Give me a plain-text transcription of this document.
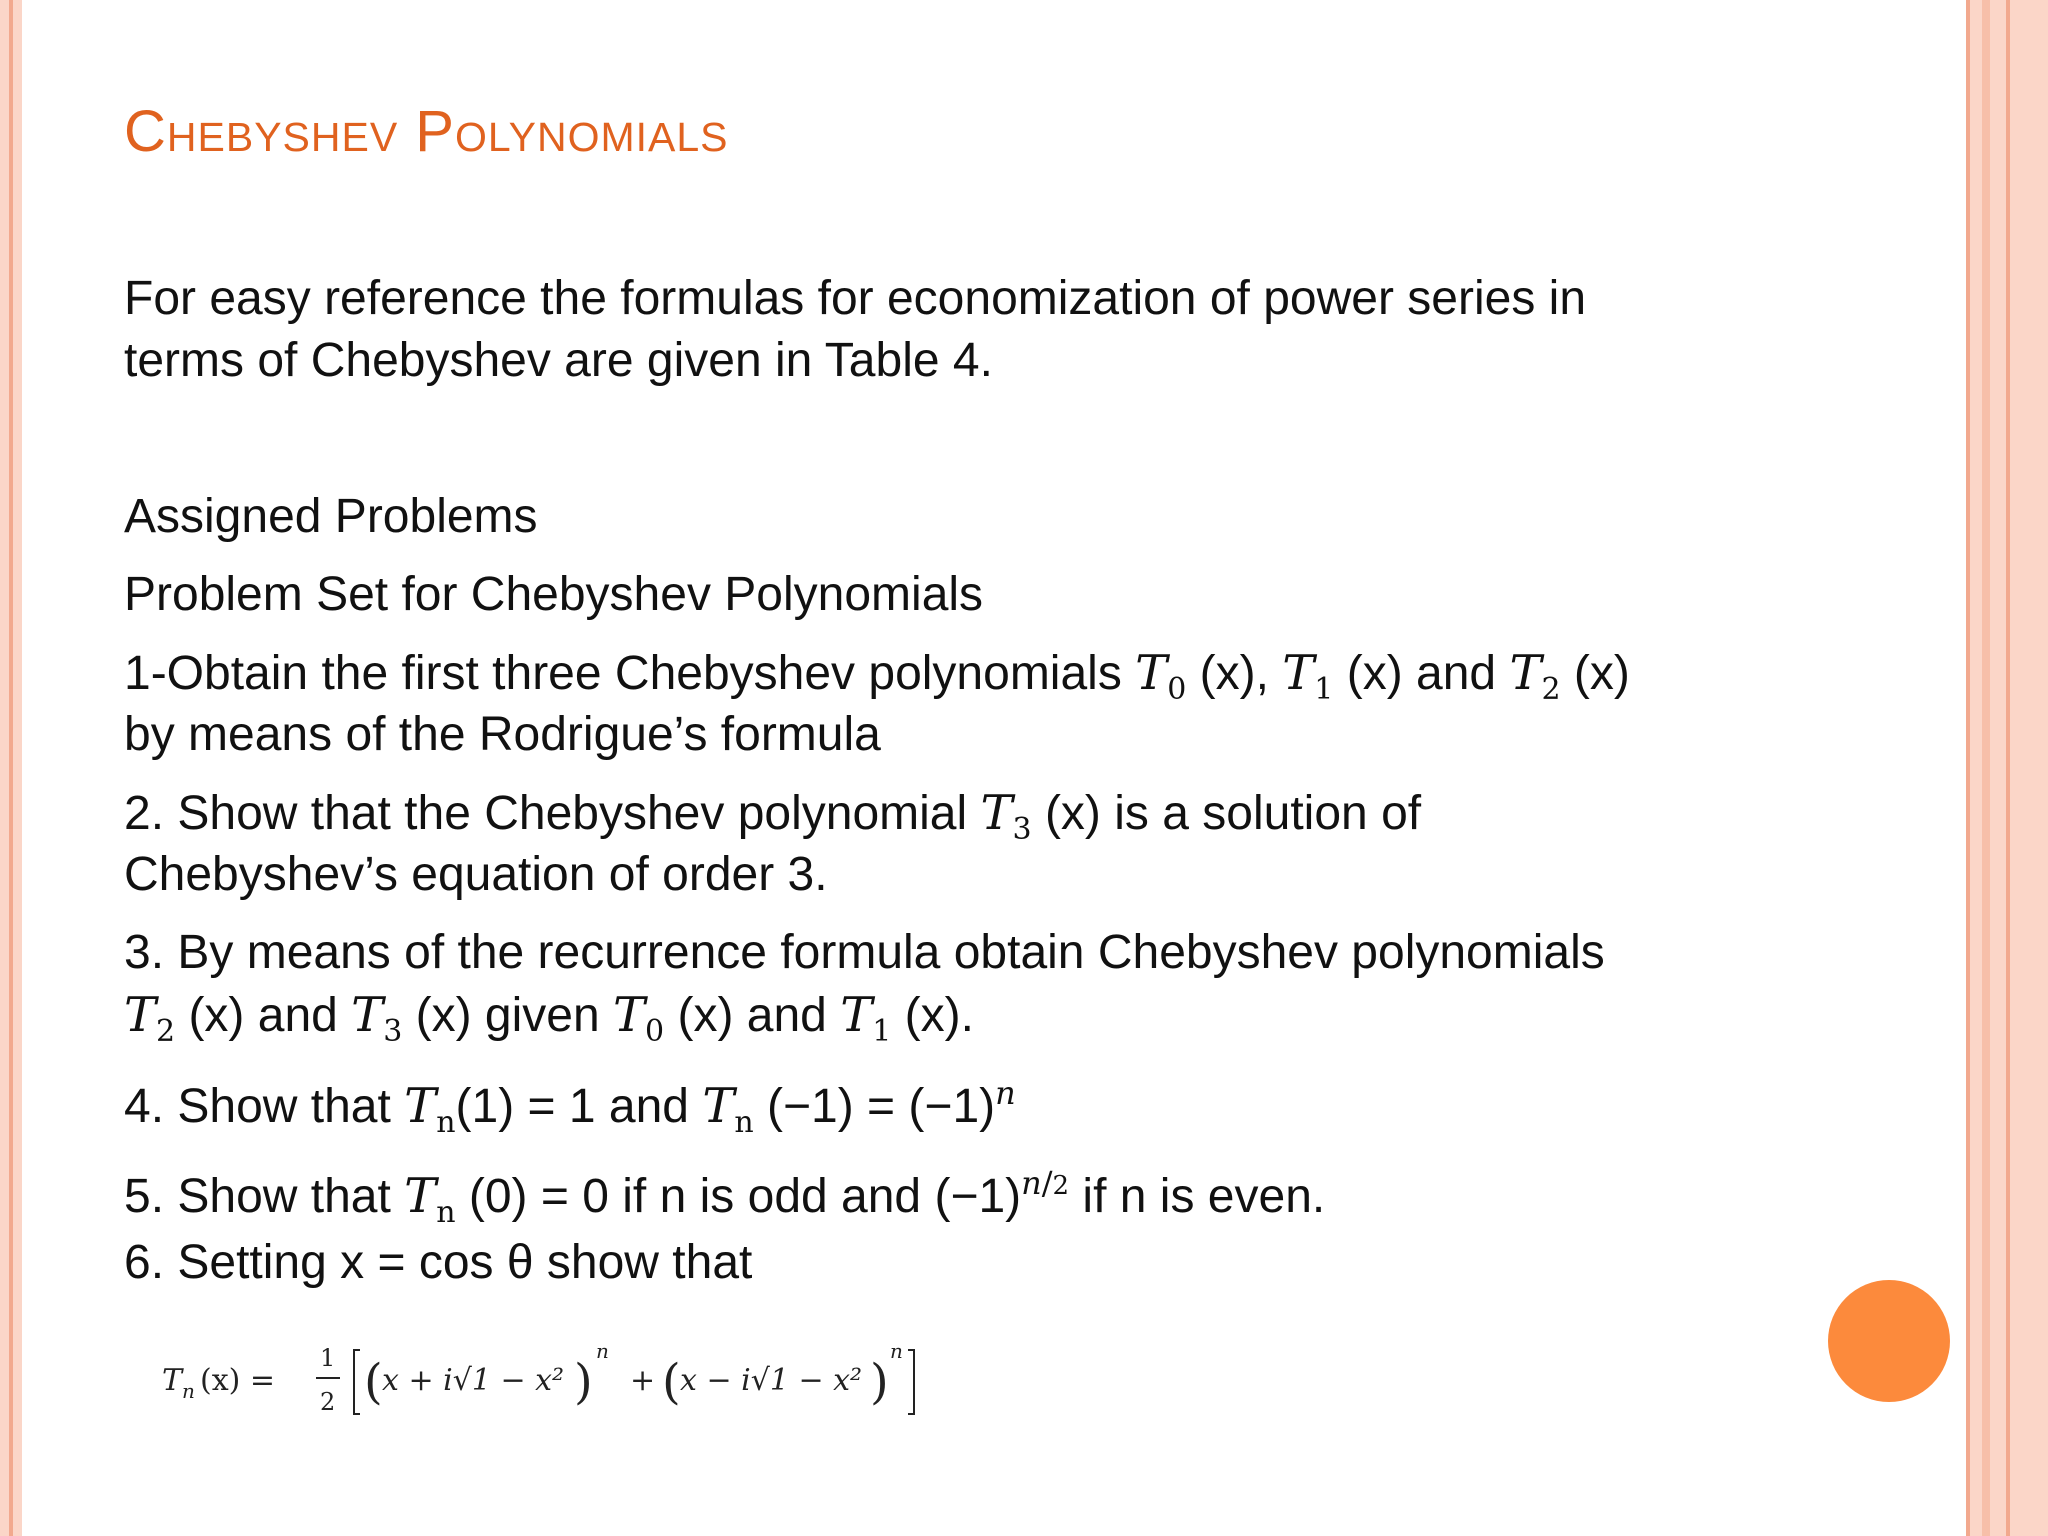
Chebyshev Polynomials
For easy reference the formulas for economization of power series in
terms of Chebyshev are given in Table 4.
Assigned Problems
Problem Set for Chebyshev Polynomials
1-Obtain the first three Chebyshev polynomials $T_0$ (x), $T_1$ (x) and $T_2$ (x)
by means of the Rodrigue’s formula
2. Show that the Chebyshev polynomial $T_3$ (x) is a solution of
Chebyshev’s equation of order 3.
3. By means of the recurrence formula obtain Chebyshev polynomials
$T_2$ (x) and $T_3$ (x) given $T_0$ (x) and $T_1$ (x).
4. Show that $T_n(1) = 1$ and $T_n$ $(-1) = (-1)^n$
5. Show that $T_n$ (0) = 0 if n is odd and $(-1)^{n/2}$ if n is even.
6. Setting x = cos θ show that
T n (x) =
1
2 ( x + i√1 − x² )
n
+ ( x − i√1 − x² )
n
